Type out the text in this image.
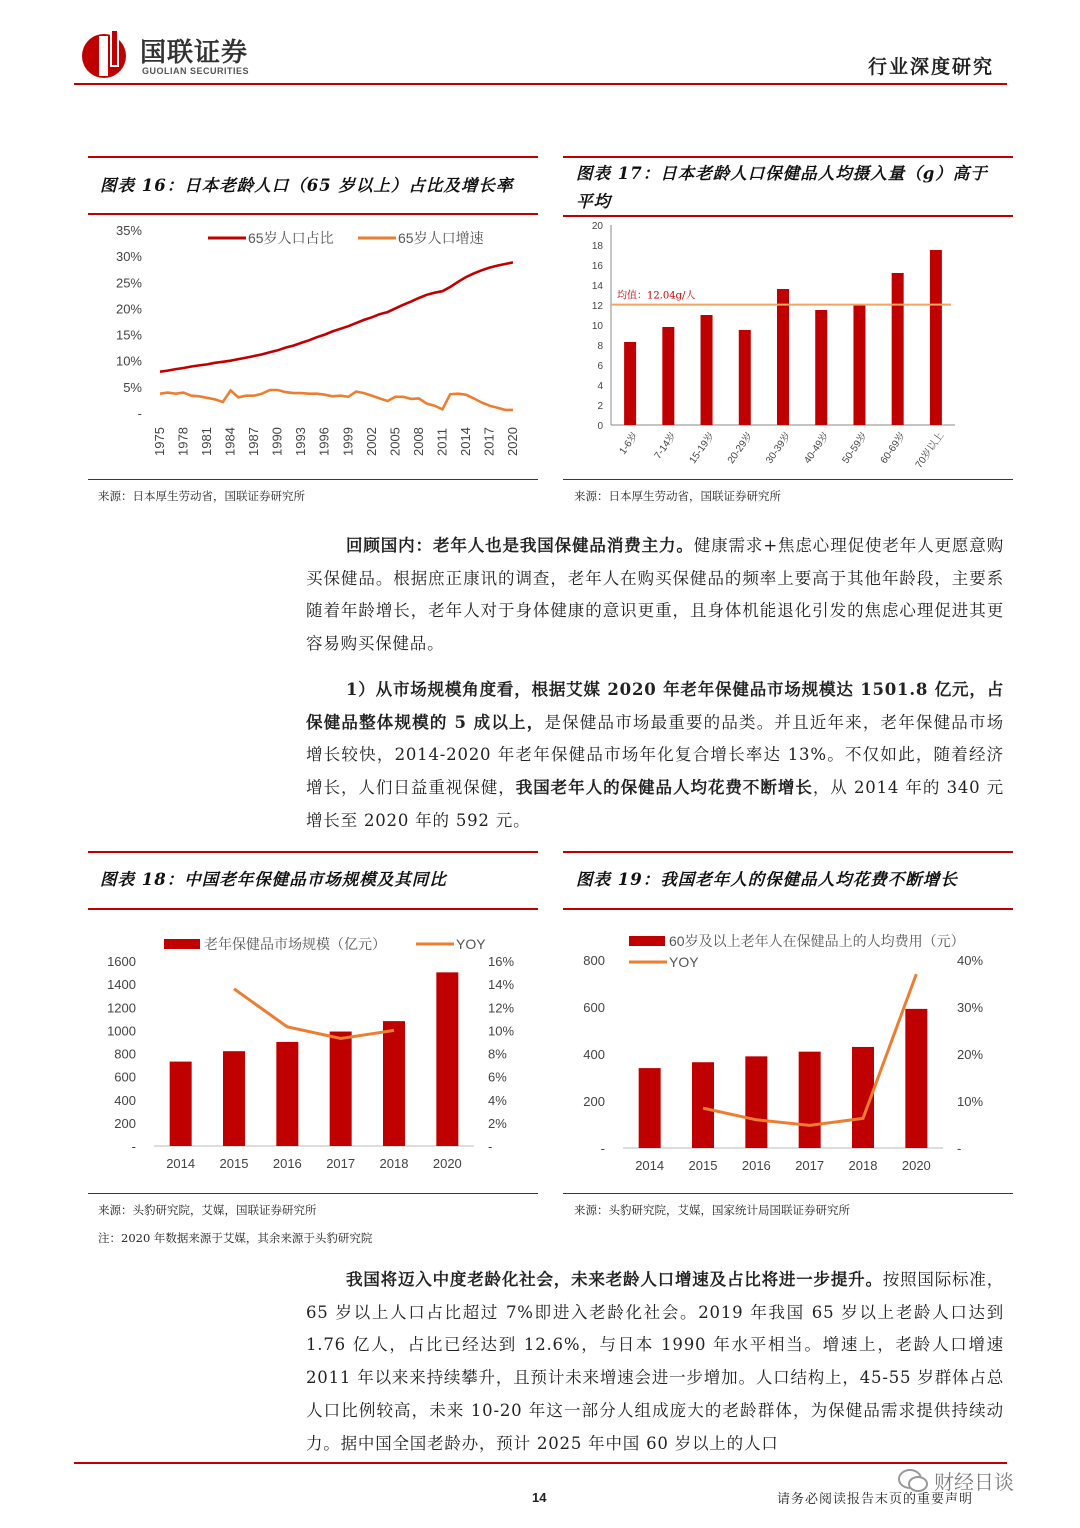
国联证券
GUOLIAN SECURITIES	行业深度研究
图表 16：日本老龄人口（65 岁以上）占比及增长率
-
5%
10%
15%
20%
25%
30%
35%
1975 1978 1981 1984 1987 1990 1993 1996 1999 2002 2005 2008 2011 2014 2017 2020
65岁人口占比	65岁人口增速
来源：日本厚生劳动省，国联证券研究所
图表 17：日本老龄人口保健品人均摄入量（g）高于
平均
0
2
4
6
8
10
12
14
16
18
20
1-6岁 7-14岁 15-19岁 20-29岁 30-39岁 40-49岁 50-59岁 60-69岁 70岁以上
均值：12.04g/人
来源：日本厚生劳动省，国联证券研究所
回顾国内：老年人也是我国保健品消费主力。健康需求+焦虑心理促使老年人更愿意购买保健品。根据庶正康讯的调查，老年人在购买保健品的频率上要高于其他年龄段，主要系随着年龄增长，老年人对于身体健康的意识更重，且身体机能退化引发的焦虑心理促进其更容易购买保健品。
1）从市场规模角度看，根据艾媒 2020 年老年保健品市场规模达 1501.8 亿元，占保健品整体规模的 5 成以上，是保健品市场最重要的品类。并且近年来，老年保健品市场增长较快，2014-2020 年老年保健品市场年化复合增长率达 13%。不仅如此，随着经济增长，人们日益重视保健，我国老年人的保健品人均花费不断增长，从 2014 年的 340 元增长至 2020 年的 592 元。
图表 18：中国老年保健品市场规模及其同比
-
200
400
600
800
1000
1200
1400
1600
-
2%
4%
6%
8%
10%
12%
14%
16%
2014 2015 2016 2017 2018 2020
老年保健品市场规模（亿元）	YOY
来源：头豹研究院，艾媒，国联证券研究所
注：2020 年数据来源于艾媒，其余来源于头豹研究院
图表 19：我国老年人的保健品人均花费不断增长
-
200
400
600
800
-
10%
20%
30%
40%
2014 2015 2016 2017 2018 2020
60岁及以上老年人在保健品上的人均费用（元）
YOY
来源：头豹研究院，艾媒，国家统计局国联证券研究所
我国将迈入中度老龄化社会，未来老龄人口增速及占比将进一步提升。按照国际标准，65 岁以上人口占比超过 7%即进入老龄化社会。2019 年我国 65 岁以上老龄人口达到 1.76 亿人，占比已经达到 12.6%，与日本 1990 年水平相当。增速上，老龄人口增速 2011 年以来来持续攀升，且预计未来增速会进一步增加。人口结构上，45-55 岁群体占总人口比例较高，未来 10-20 年这一部分人组成庞大的老龄群体，为保健品需求提供持续动力。据中国全国老龄办，预计 2025 年中国 60 岁以上的人口
14	请务必阅读报告末页的重要声明
财经日谈
